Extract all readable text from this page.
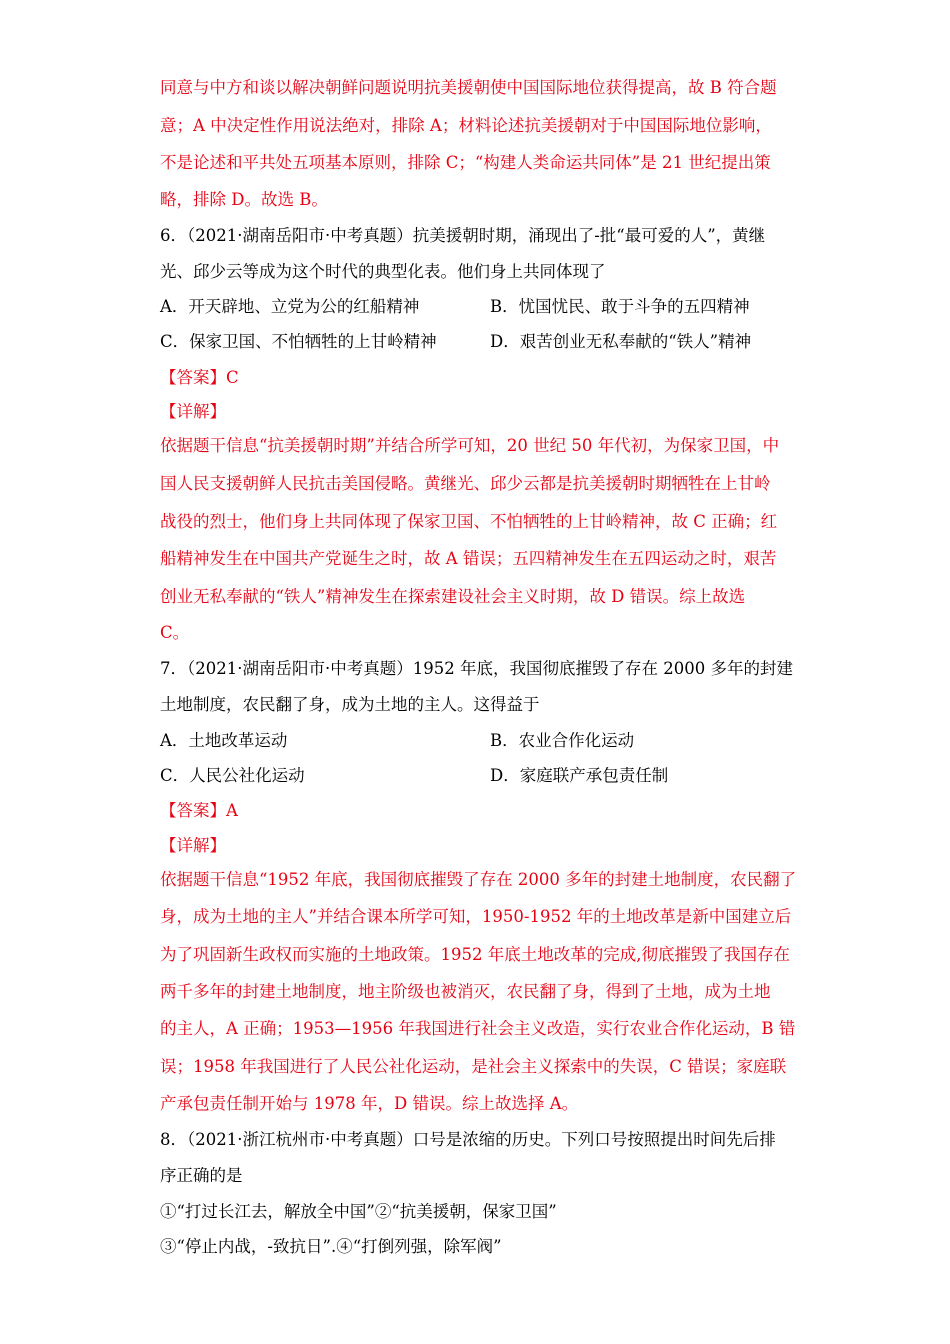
同意与中方和谈以解决朝鲜问题说明抗美援朝使中国国际地位获得提高，故 B 符合题
意；A 中决定性作用说法绝对，排除 A；材料论述抗美援朝对于中国国际地位影响，
不是论述和平共处五项基本原则，排除 C；“构建人类命运共同体”是 21 世纪提出策
略，排除 D。故选 B。
6．（2021·湖南岳阳市·中考真题）抗美援朝时期，涌现出了-批“最可爱的人”，黄继
光、邱少云等成为这个时代的典型化表。他们身上共同体现了
A．开天辟地、立党为公的红船精神	B．忧国忧民、敢于斗争的五四精神
C．保家卫国、不怕牺牲的上甘岭精神	D．艰苦创业无私奉献的“铁人”精神
【答案】C
【详解】
依据题干信息“抗美援朝时期”并结合所学可知，20 世纪 50 年代初，为保家卫国，中
国人民支援朝鲜人民抗击美国侵略。黄继光、邱少云都是抗美援朝时期牺牲在上甘岭
战役的烈士，他们身上共同体现了保家卫国、不怕牺牲的上甘岭精神，故 C 正确；红
船精神发生在中国共产党诞生之时，故 A 错误；五四精神发生在五四运动之时，艰苦
创业无私奉献的“铁人”精神发生在探索建设社会主义时期，故 D 错误。综上故选
C。
7．（2021·湖南岳阳市·中考真题）1952 年底，我国彻底摧毁了存在 2000 多年的封建
土地制度，农民翻了身，成为土地的主人。这得益于
A．土地改革运动	B．农业合作化运动
C．人民公社化运动	D．家庭联产承包责任制
【答案】A
【详解】
依据题干信息“1952 年底，我国彻底摧毁了存在 2000 多年的封建土地制度，农民翻了
身，成为土地的主人”并结合课本所学可知，1950-1952 年的土地改革是新中国建立后
为了巩固新生政权而实施的土地政策。1952 年底土地改革的完成,彻底摧毁了我国存在
两千多年的封建土地制度，地主阶级也被消灭，农民翻了身，得到了土地，成为土地
的主人，A 正确；1953—1956 年我国进行社会主义改造，实行农业合作化运动，B 错
误；1958 年我国进行了人民公社化运动，是社会主义探索中的失误，C 错误；家庭联
产承包责任制开始与 1978 年，D 错误。综上故选择 A。
8．（2021·浙江杭州市·中考真题）口号是浓缩的历史。下列口号按照提出时间先后排
序正确的是
①“打过长江去，解放全中国”②“抗美援朝，保家卫国”
③“停止内战，-致抗日”.④“打倒列强，除军阀”
